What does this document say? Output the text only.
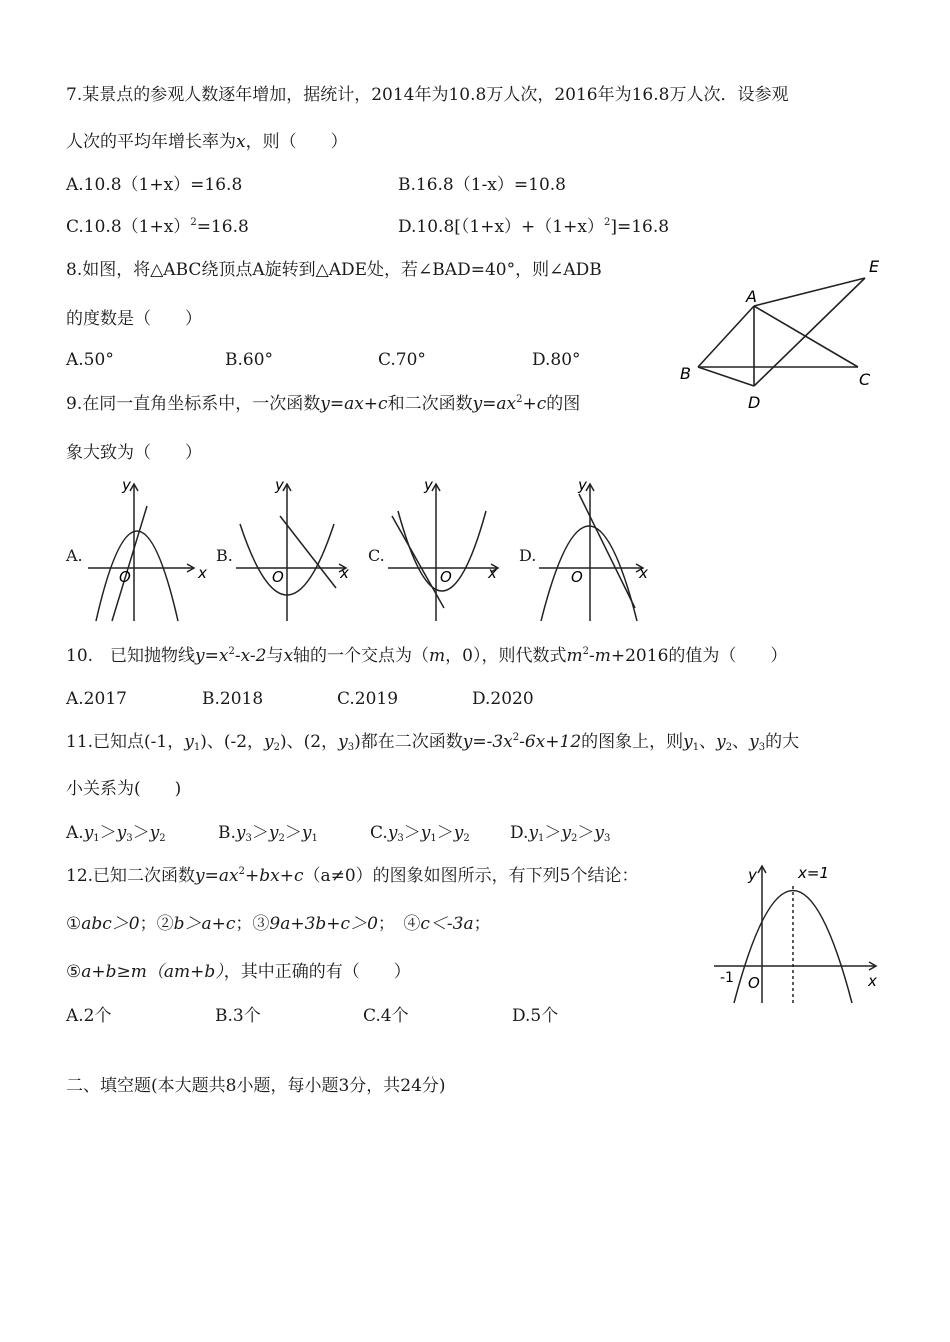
7.某景点的参观人数逐年增加，据统计，2014年为10.8万人次，2016年为16.8万人次．设参观
人次的平均年增长率为x，则（　　）
A.10.8（1+x）=16.8	B.16.8（1-x）=10.8
$C.10.8(1+x)^2=16.8$	$D.10.8[(1+x)+(1+x)^2]=16.8$
8.如图，将△ABC绕顶点A旋转到△ADE处，若∠BAD=40°，则∠ADB
的度数是（　　）
A.50°	B.60°	C.70°	D.80°
A
E
B	C
D
9.在同一直角坐标系中，一次函数y=ax+c和二次函数$y=ax^2+c$的图
象大致为（　　）
A.	B.	C.	D.
x
y
O	x
y
O	x
y
O	x
y
O
10.　已知抛物线$y=x^2-x-2$与x轴的一个交点为（m，0），则代数式$m^2-m+2016$的值为（　　）
A.2017	B.2018	C.2019	D.2020
11.已知点(-1，$y_1$)、(-2，$y_2$)、(2，$y_3$)都在二次函数$y=-3x^2-6x+12$的图象上，则$y_1$、$y_2$、$y_3$的大
小关系为(　　)
$A.y_1>y_3>y_2$	$B.y_3>y_2>y_1$	$C.y_3>y_1>y_2$ $D.y_1>y_2>y_3$
12.已知二次函数$y=ax^2+bx+c(a\ne 0)$的图象如图所示，有下列5个结论：
①abc＞0；②b＞a+c；③9a+3b+c＞0；　④c＜-3a；
⑤a+b≥m（am+b），其中正确的有（　　）
A.2个	B.3个	C.4个	D.5个
x=1
x
y
O
-1
二、填空题(本大题共8小题，每小题3分，共24分)
